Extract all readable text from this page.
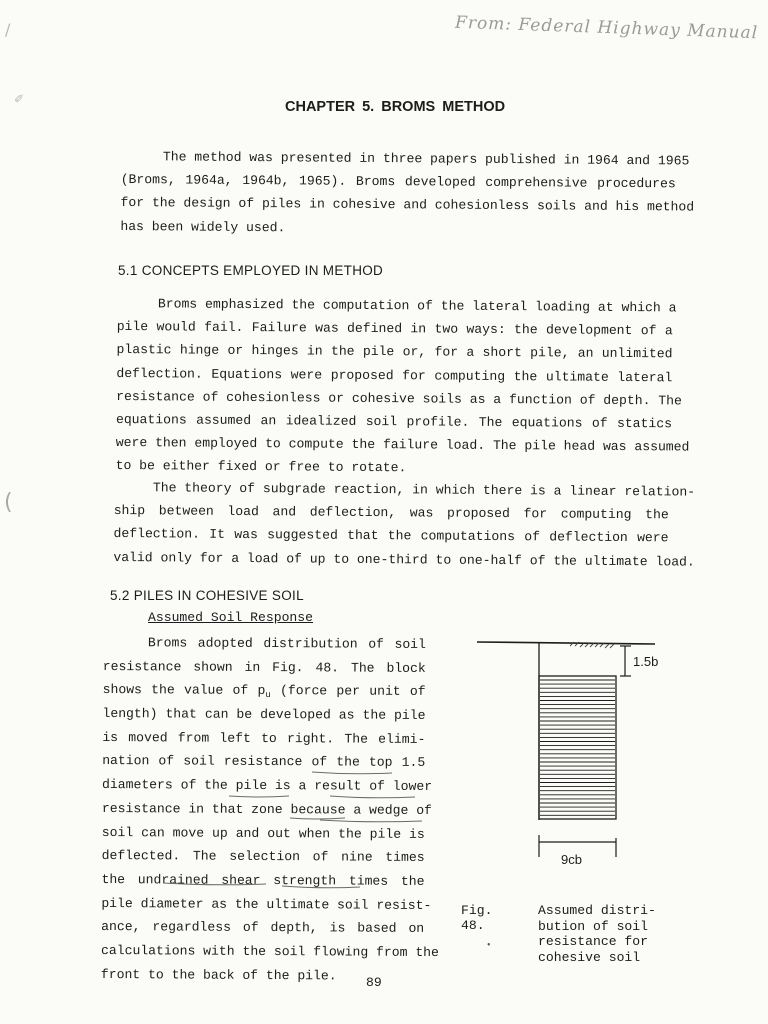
From: Federal Highway Manual
/
✐
(
CHAPTER 5. BROMS METHOD
The method was presented in three papers published in 1964 and 1965
(Broms, 1964a, 1964b, 1965). Broms developed comprehensive procedures
for the design of piles in cohesive and cohesionless soils and his method
has been widely used.
5.1 CONCEPTS EMPLOYED IN METHOD
Broms emphasized the computation of the lateral loading at which a
pile would fail. Failure was defined in two ways: the development of a
plastic hinge or hinges in the pile or, for a short pile, an unlimited
deflection. Equations were proposed for computing the ultimate lateral
resistance of cohesionless or cohesive soils as a function of depth. The
equations assumed an idealized soil profile. The equations of statics
were then employed to compute the failure load. The pile head was assumed
to be either fixed or free to rotate.
The theory of subgrade reaction, in which there is a linear relation-
ship between load and deflection, was proposed for computing the
deflection. It was suggested that the computations of deflection were
valid only for a load of up to one-third to one-half of the ultimate load.
5.2 PILES IN COHESIVE SOIL
Assumed Soil Response
Broms adopted distribution of soil
resistance shown in Fig. 48. The block
shows the value of $p_u$ (force per unit of
length) that can be developed as the pile
is moved from left to right. The elimi-
nation of soil resistance of the top 1.5
diameters of the pile is a result of lower
resistance in that zone because a wedge of
soil can move up and out when the pile is
deflected. The selection of nine times
the undrained shear strength times the
pile diameter as the ultimate soil resist-
ance, regardless of depth, is based on
calculations with the soil flowing from the
front to the back of the pile.
1.5b
9cb
Fig. 48.
Assumed distri-
bution of soil
resistance for
cohesive soil
•
89
